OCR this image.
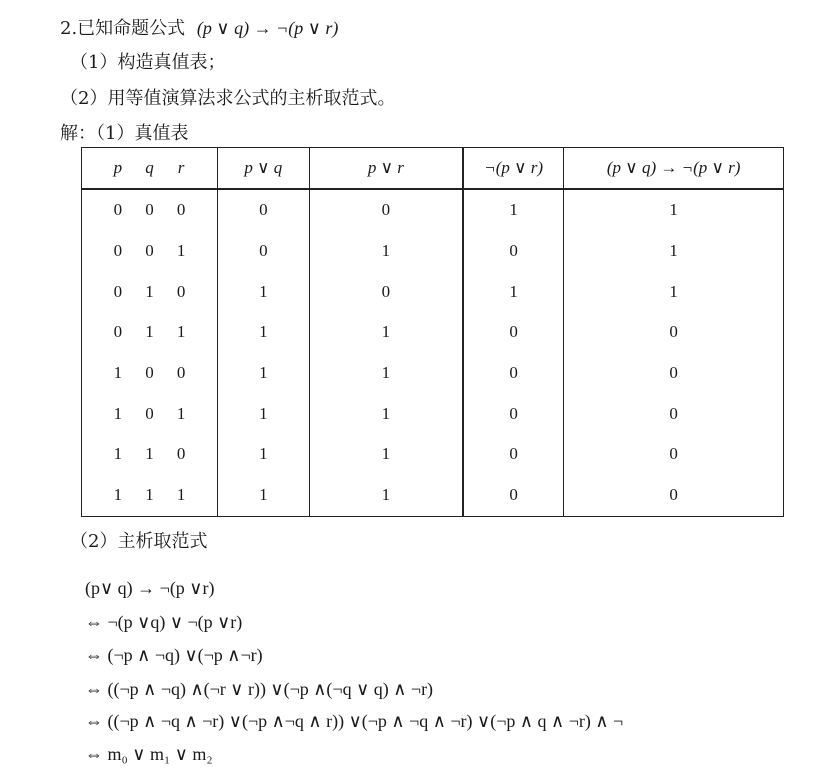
2.已知命题公式 (p ∨ q) → ¬(p ∨ r)
（1）构造真值表；
（2）用等值演算法求公式的主析取范式。
解：（1）真值表
p q r	p ∨ q	p ∨ r	¬(p ∨ r)	(p ∨ q) → ¬(p ∨ r)

0 0 0	0	0	1	1

0 0 1	0	1	0	1

0 1 0	1	0	1	1

0 1 1	1	1	0	0

1 0 0	1	1	0	0

1 0 1	1	1	0	0

1 1 0	1	1	0	0

1 1 1	1	1	0	0
（2）主析取范式
(p∨ q) → ¬(p ∨r)
⇔ ¬(p ∨q) ∨ ¬(p ∨r)
⇔ (¬p ∧ ¬q) ∨(¬p ∧¬r)
⇔ ((¬p ∧ ¬q) ∧(¬r ∨ r)) ∨(¬p ∧(¬q ∨ q) ∧ ¬r)
⇔ ((¬p ∧ ¬q ∧ ¬r) ∨(¬p ∧¬q ∧ r)) ∨(¬p ∧ ¬q ∧ ¬r) ∨(¬p ∧ q ∧ ¬r) ∧ ¬
⇔ m₀ ∨ m₁ ∨ m₂
